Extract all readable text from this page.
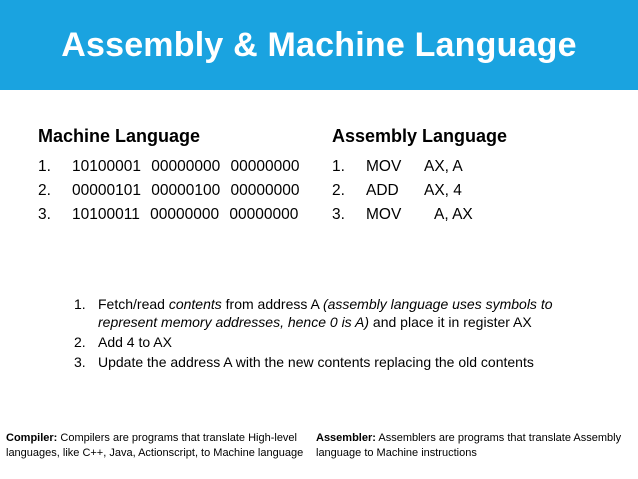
Assembly & Machine Language
Machine Language	Assembly Language
1. 10100001 00000000 00000000
2. 00000101 00000100 00000000
3. 10100011 00000000 00000000
1. MOV AX, A
2. ADD AX, 4
3. MOV A, AX
1. Fetch/read contents from address A (assembly language uses symbols to represent memory addresses, hence 0 is A) and place it in register AX
2. Add 4 to AX
3. Update the address A with the new contents replacing the old contents
Compiler: Compilers are programs that translate High-level languages, like C++, Java, Actionscript, to Machine language
Assembler: Assemblers are programs that translate Assembly language to Machine instructions
